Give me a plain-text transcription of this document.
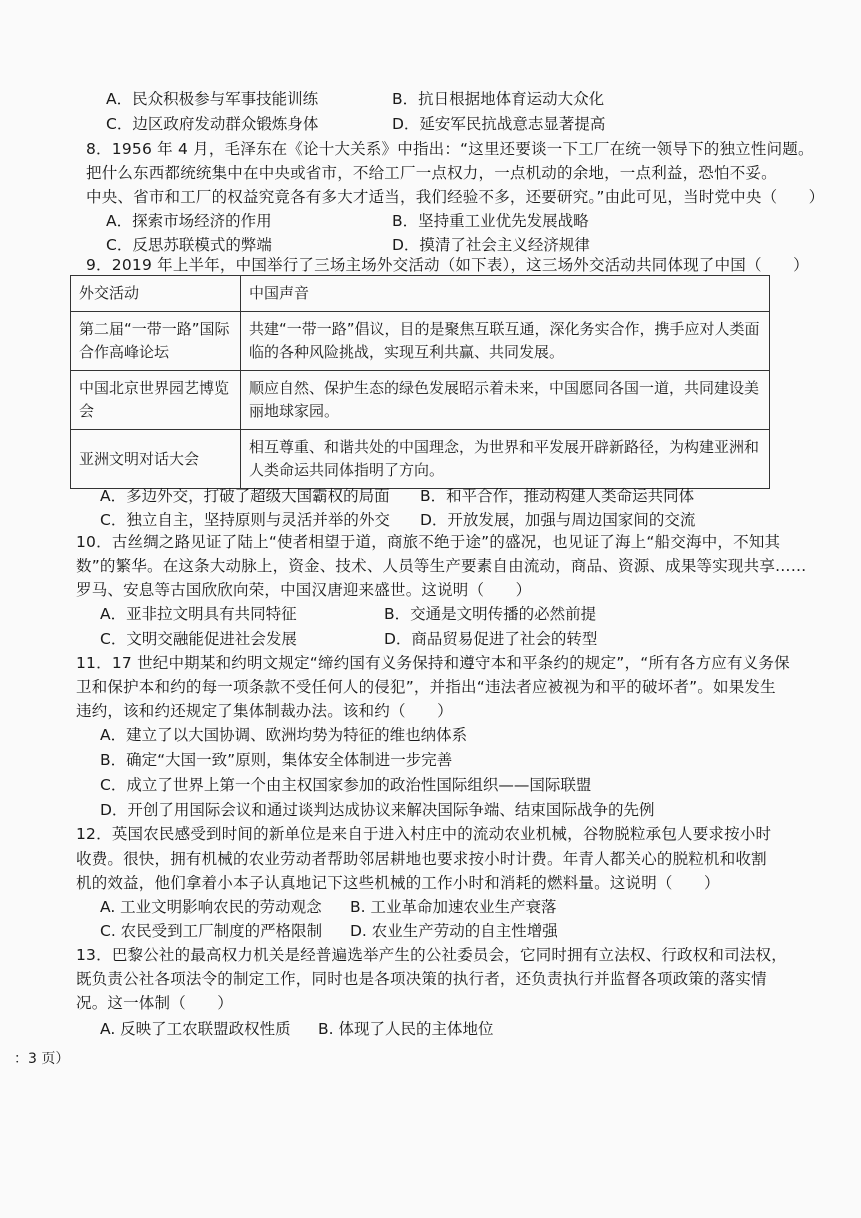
A．民众积极参与军事技能训练	B．抗日根据地体育运动大众化
C．边区政府发动群众锻炼身体	D．延安军民抗战意志显著提高
8．1956 年 4 月，毛泽东在《论十大关系》中指出：“这里还要谈一下工厂在统一领导下的独立性问题。
把什么东西都统统集中在中央或省市，不给工厂一点权力，一点机动的余地，一点利益，恐怕不妥。
中央、省市和工厂的权益究竟各有多大才适当，我们经验不多，还要研究。”由此可见，当时党中央（　　）
A．探索市场经济的作用	B．坚持重工业优先发展战略
C．反思苏联模式的弊端	D．摸清了社会主义经济规律
9．2019 年上半年，中国举行了三场主场外交活动（如下表），这三场外交活动共同体现了中国（　　）
外交活动	中国声音
第二届“一带一路”国际合作高峰论坛	共建“一带一路”倡议，目的是聚焦互联互通，深化务实合作，携手应对人类面临的各种风险挑战，实现互利共赢、共同发展。
中国北京世界园艺博览会	顺应自然、保护生态的绿色发展昭示着未来，中国愿同各国一道，共同建设美丽地球家园。
亚洲文明对话大会	相互尊重、和谐共处的中国理念，为世界和平发展开辟新路径，为构建亚洲和人类命运共同体指明了方向。
A．多边外交，打破了超级大国霸权的局面 B．和平合作，推动构建人类命运共同体
C．独立自主，坚持原则与灵活并举的外交 D．开放发展，加强与周边国家间的交流
10．古丝绸之路见证了陆上“使者相望于道，商旅不绝于途”的盛况，也见证了海上“船交海中，不知其
数”的繁华。在这条大动脉上，资金、技术、人员等生产要素自由流动，商品、资源、成果等实现共享……
罗马、安息等古国欣欣向荣，中国汉唐迎来盛世。这说明（　　）
A．亚非拉文明具有共同特征	B．交通是文明传播的必然前提
C．文明交融能促进社会发展	D．商品贸易促进了社会的转型
11．17 世纪中期某和约明文规定“缔约国有义务保持和遵守本和平条约的规定”，“所有各方应有义务保
卫和保护本和约的每一项条款不受任何人的侵犯”，并指出“违法者应被视为和平的破坏者”。如果发生
违约，该和约还规定了集体制裁办法。该和约（　　）
A．建立了以大国协调、欧洲均势为特征的维也纳体系
B．确定“大国一致”原则，集体安全体制进一步完善
C．成立了世界上第一个由主权国家参加的政治性国际组织——国际联盟
D．开创了用国际会议和通过谈判达成协议来解决国际争端、结束国际战争的先例
12．英国农民感受到时间的新单位是来自于进入村庄中的流动农业机械，谷物脱粒承包人要求按小时
收费。很快，拥有机械的农业劳动者帮助邻居耕地也要求按小时计费。年青人都关心的脱粒机和收割
机的效益，他们拿着小本子认真地记下这些机械的工作小时和消耗的燃料量。这说明（　　）
A. 工业文明影响农民的劳动观念 B. 工业革命加速农业生产衰落
C. 农民受到工厂制度的严格限制 D. 农业生产劳动的自主性增强
13．巴黎公社的最高权力机关是经普遍选举产生的公社委员会，它同时拥有立法权、行政权和司法权，
既负责公社各项法令的制定工作，同时也是各项决策的执行者，还负责执行并监督各项政策的落实情
况。这一体制（　　）
A. 反映了工农联盟政权性质 B. 体现了人民的主体地位
：3 页）
